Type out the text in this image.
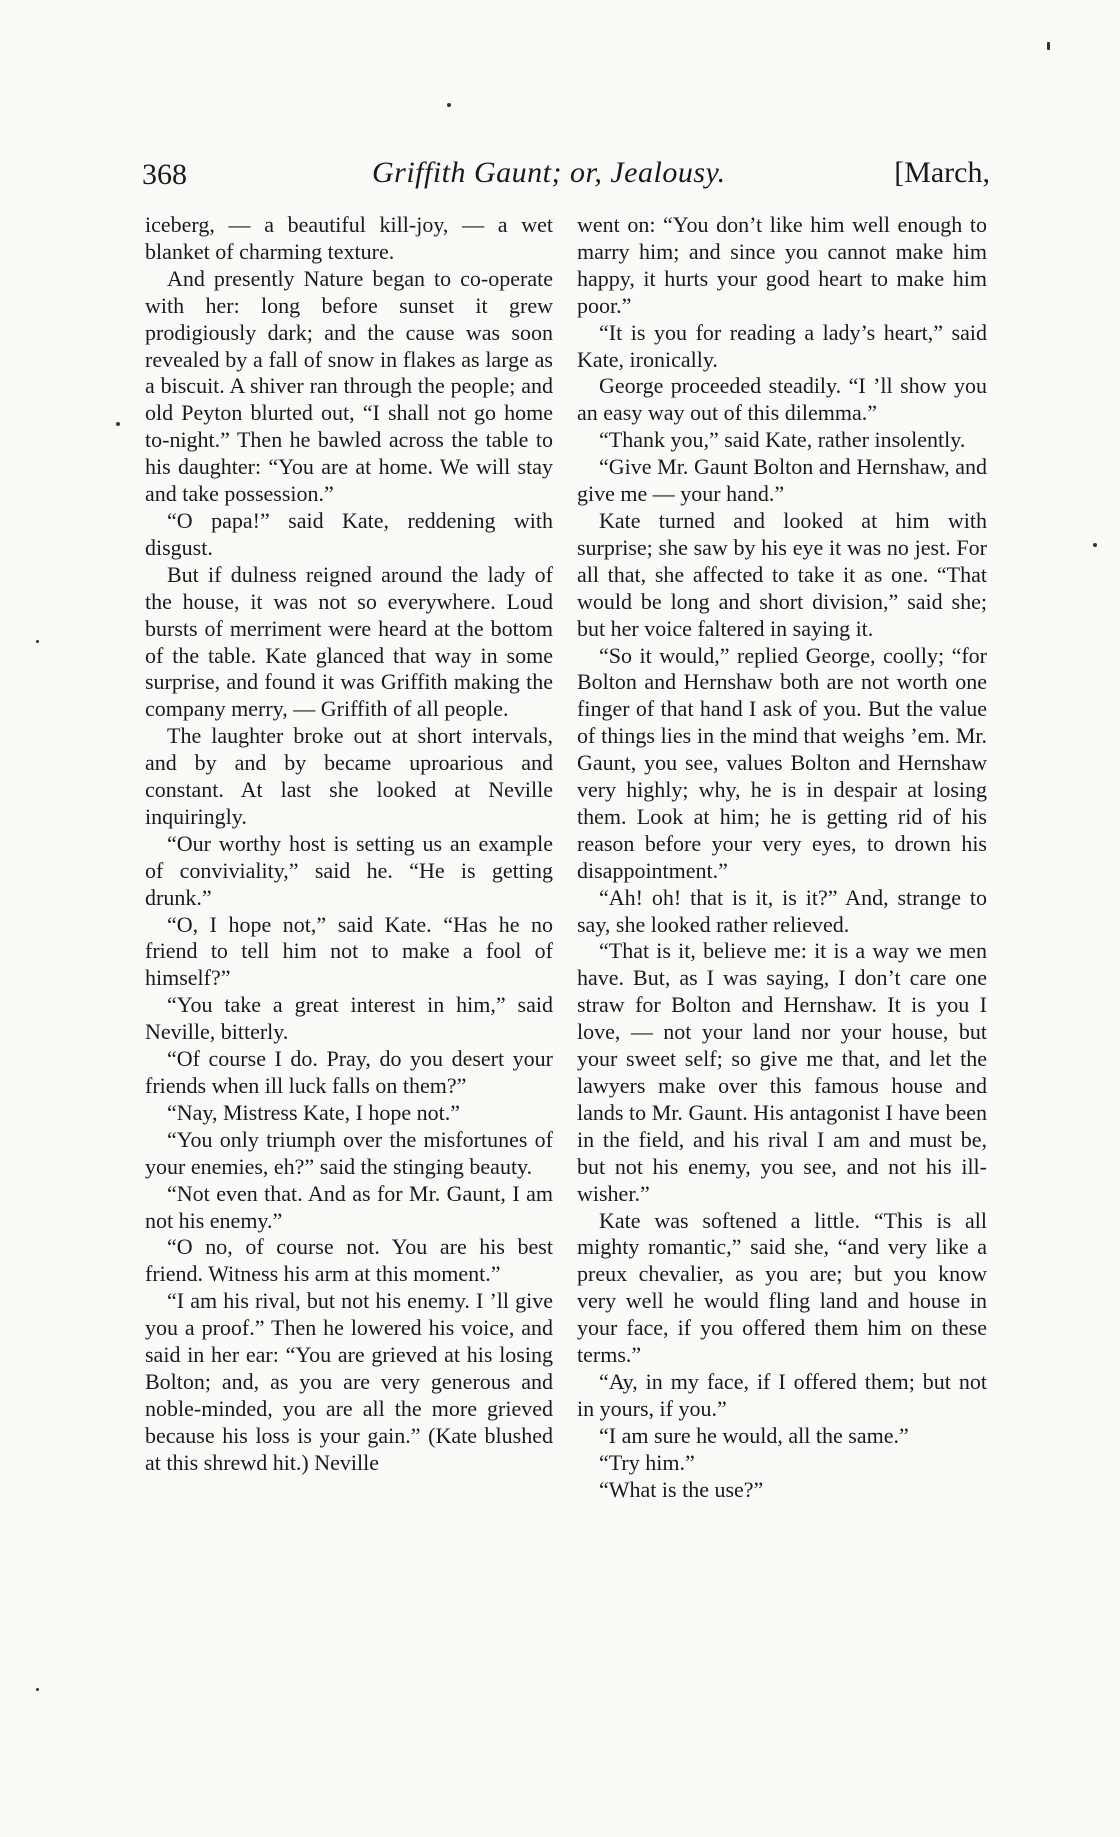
368	Griffith Gaunt; or, Jealousy.	[March,

iceberg, — a beautiful kill-joy, — a wet blanket of charming texture.

And presently Nature began to co-operate with her: long before sunset it grew prodigiously dark; and the cause was soon revealed by a fall of snow in flakes as large as a biscuit. A shiver ran through the people; and old Peyton blurted out, “I shall not go home to-night.” Then he bawled across the table to his daughter: “You are at home. We will stay and take possession.”

“O papa!” said Kate, reddening with disgust.

But if dulness reigned around the lady of the house, it was not so everywhere. Loud bursts of merriment were heard at the bottom of the table. Kate glanced that way in some surprise, and found it was Griffith making the company merry, — Griffith of all people.

The laughter broke out at short intervals, and by and by became uproarious and constant. At last she looked at Neville inquiringly.

“Our worthy host is setting us an example of conviviality,” said he. “He is getting drunk.”

“O, I hope not,” said Kate. “Has he no friend to tell him not to make a fool of himself?”

“You take a great interest in him,” said Neville, bitterly.

“Of course I do. Pray, do you desert your friends when ill luck falls on them?”

“Nay, Mistress Kate, I hope not.”

“You only triumph over the misfortunes of your enemies, eh?” said the stinging beauty.

“Not even that. And as for Mr. Gaunt, I am not his enemy.”

“O no, of course not. You are his best friend. Witness his arm at this moment.”

“I am his rival, but not his enemy. I ’ll give you a proof.” Then he lowered his voice, and said in her ear: “You are grieved at his losing Bolton; and, as you are very generous and noble-minded, you are all the more grieved because his loss is your gain.” (Kate blushed at this shrewd hit.) Neville

went on: “You don’t like him well enough to marry him; and since you cannot make him happy, it hurts your good heart to make him poor.”

“It is you for reading a lady’s heart,” said Kate, ironically.

George proceeded steadily. “I ’ll show you an easy way out of this dilemma.”

“Thank you,” said Kate, rather insolently.

“Give Mr. Gaunt Bolton and Hernshaw, and give me — your hand.”

Kate turned and looked at him with surprise; she saw by his eye it was no jest. For all that, she affected to take it as one. “That would be long and short division,” said she; but her voice faltered in saying it.

“So it would,” replied George, coolly; “for Bolton and Hernshaw both are not worth one finger of that hand I ask of you. But the value of things lies in the mind that weighs ’em. Mr. Gaunt, you see, values Bolton and Hernshaw very highly; why, he is in despair at losing them. Look at him; he is getting rid of his reason before your very eyes, to drown his disappointment.”

“Ah! oh! that is it, is it?” And, strange to say, she looked rather relieved.

“That is it, believe me: it is a way we men have. But, as I was saying, I don’t care one straw for Bolton and Hernshaw. It is you I love, — not your land nor your house, but your sweet self; so give me that, and let the lawyers make over this famous house and lands to Mr. Gaunt. His antagonist I have been in the field, and his rival I am and must be, but not his enemy, you see, and not his ill-wisher.”

Kate was softened a little. “This is all mighty romantic,” said she, “and very like a preux chevalier, as you are; but you know very well he would fling land and house in your face, if you offered them him on these terms.”

“Ay, in my face, if I offered them; but not in yours, if you.”

“I am sure he would, all the same.”

“Try him.”

“What is the use?”
